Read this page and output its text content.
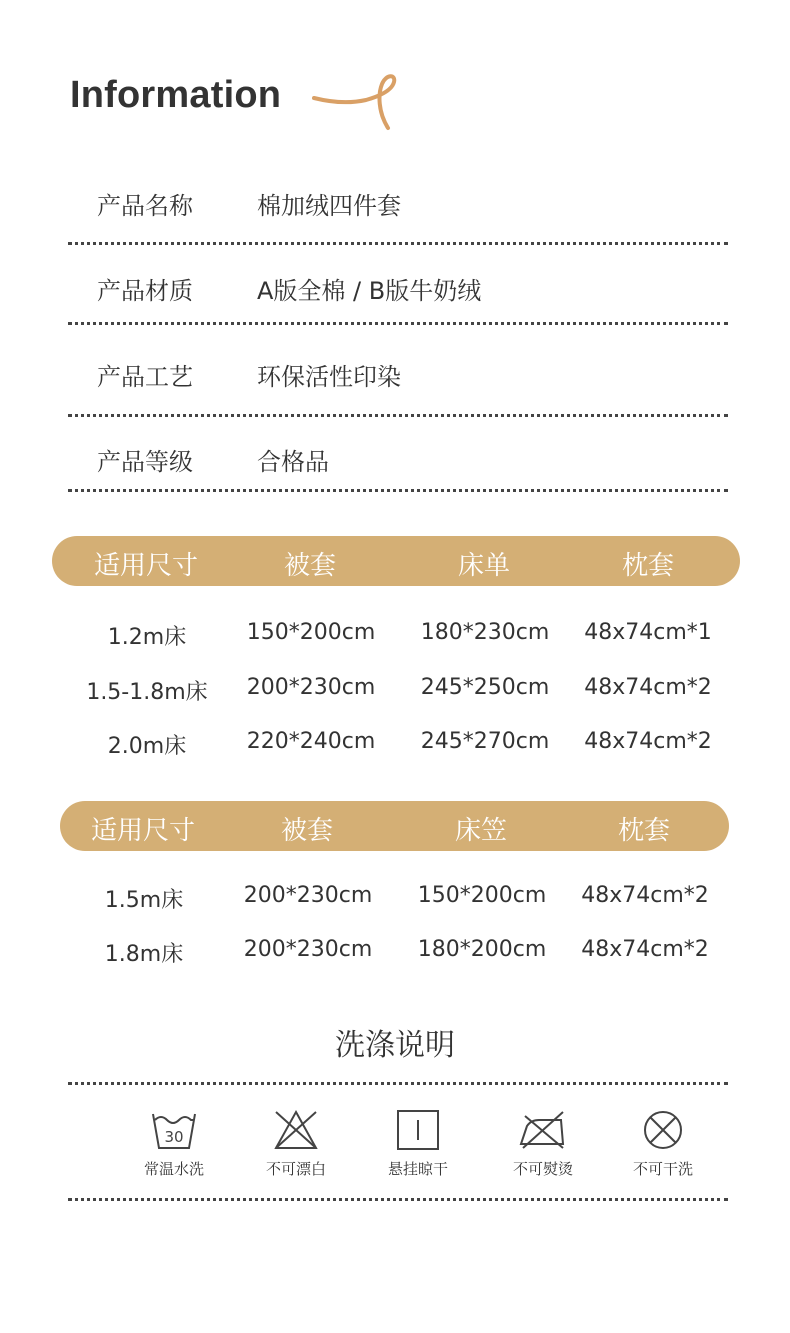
Information
产品名称	棉加绒四件套
产品材质	A版全棉 / B版牛奶绒
产品工艺	环保活性印染
产品等级	合格品
适用尺寸	被套	床单	枕套
1.2m床	150*200cm 180*230cm 48x74cm*1
1.5-1.8m床 200*230cm 245*250cm 48x74cm*2
2.0m床	220*240cm 245*270cm 48x74cm*2
适用尺寸	被套	床笠	枕套
1.5m床	200*230cm 150*200cm 48x74cm*2
1.8m床	200*230cm 180*200cm 48x74cm*2
洗涤说明
30
常温水洗	不可漂白	悬挂晾干	不可熨烫	不可干洗
